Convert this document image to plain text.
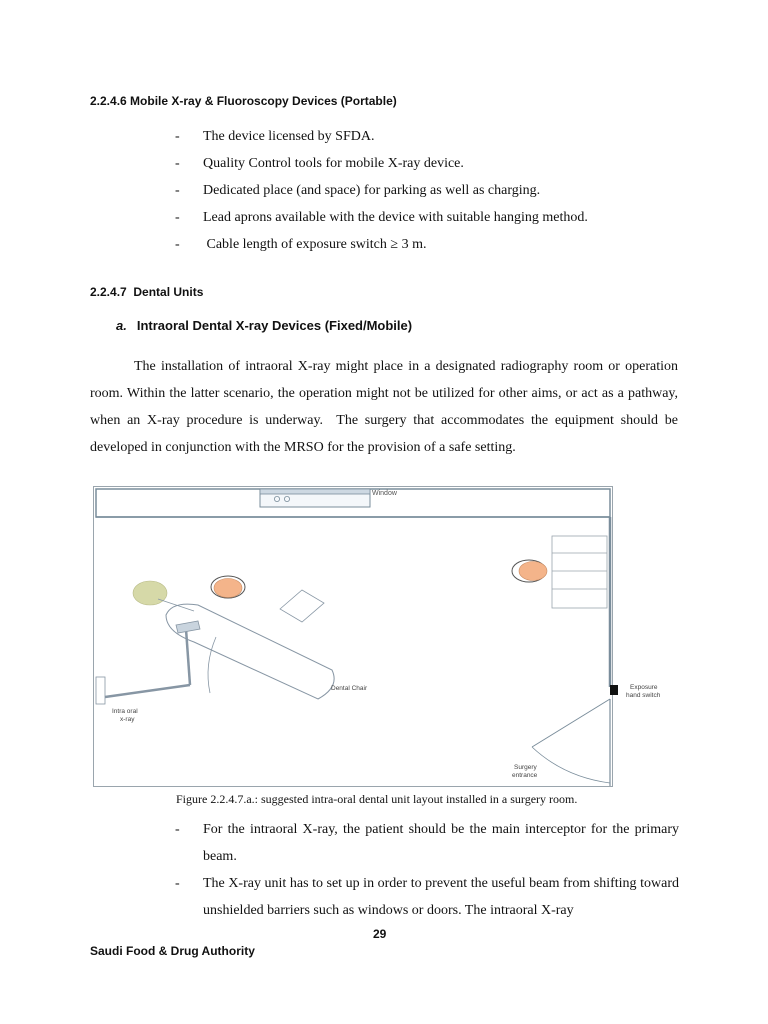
2.2.4.6 Mobile X-ray & Fluoroscopy Devices (Portable)
- The device licensed by SFDA.
- Quality Control tools for mobile X-ray device.
- Dedicated place (and space) for parking as well as charging.
- Lead aprons available with the device with suitable hanging method.
- Cable length of exposure switch ≥ 3 m.
2.2.4.7  Dental Units
a. Intraoral Dental X-ray Devices (Fixed/Mobile)

The installation of intraoral X-ray might place in a designated radiography room or operation room. Within the latter scenario, the operation might not be utilized for other aims, or act as a pathway, when an X-ray procedure is underway.  The surgery that accommodates the equipment should be developed in conjunction with the MRSO for the provision of a safe setting.

Window
Dental Chair
Intra oral
x-ray
Exposure
hand switch
Surgery
entrance
Figure 2.2.4.7.a.: suggested intra-oral dental unit layout installed in a surgery room.
-	For the intraoral X-ray, the patient should be the main interceptor for the primary beam.
-	The X-ray unit has to set up in order to prevent the useful beam from shifting toward unshielded barriers such as windows or doors. The intraoral X-ray
29
Saudi Food & Drug Authority
